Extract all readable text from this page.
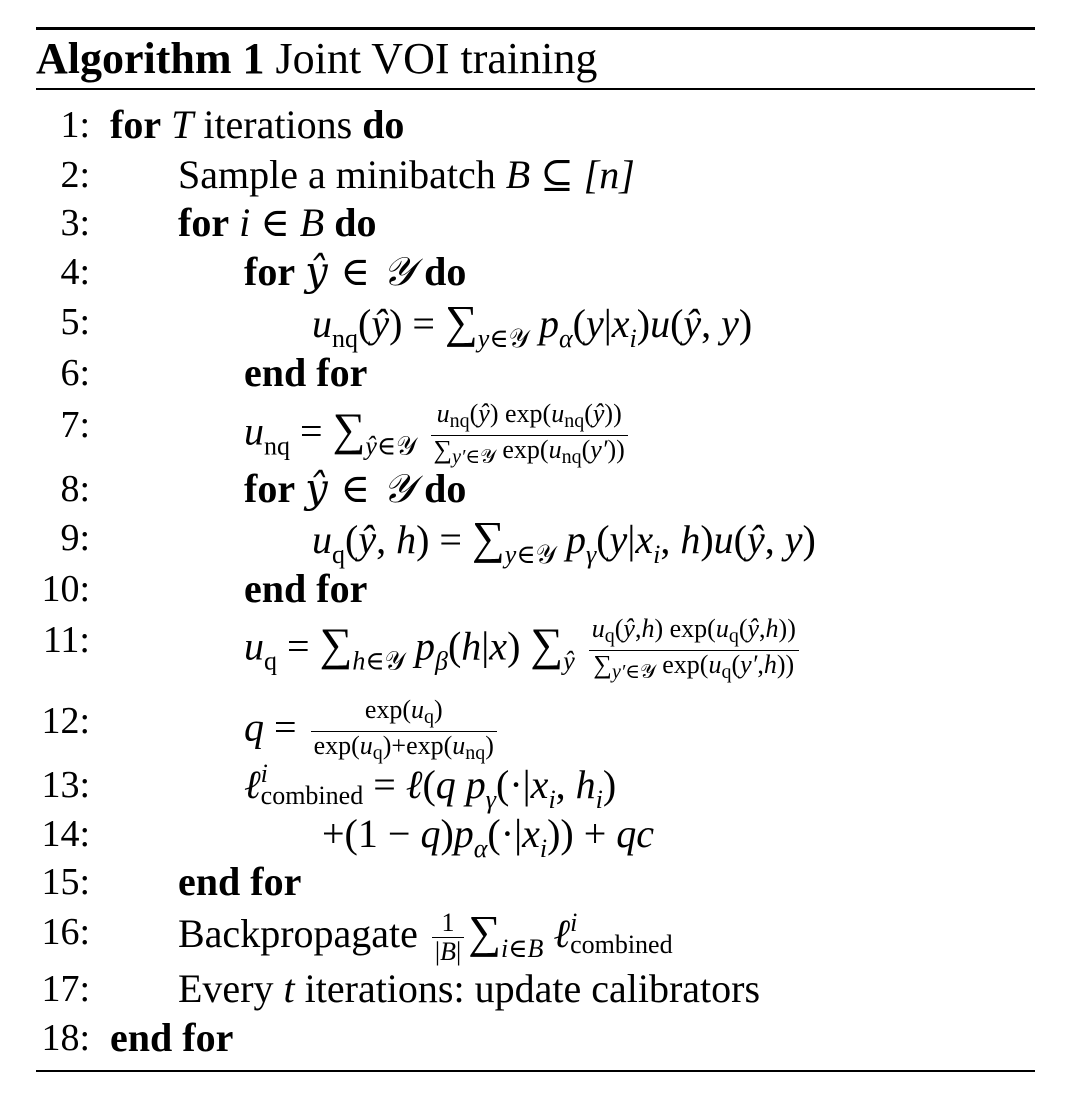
Algorithm 1 Joint VOI training
1: for T iterations do
2: Sample a minibatch B ⊆ [n]
3: for i ∈ B do
4:	for ŷ ∈ 𝒴 do
5:	$u_{nq}(ŷ) = \sum_{y\in 𝒴}$ $p_\alpha(y|x_i)u(ŷ$, y)
6:	end for
7:	$u_{nq} = \sum_{ŷ\in 𝒴} \frac{\text{unq(ŷ) exp(unq(ŷ))}}{\text{∑y′∈𝒴 exp(unq(y′))}}$
8:	for ŷ ∈ 𝒴 do
9:	$u_q(ŷ$, $h) = \sum_{y\in 𝒴}$ $p_\gamma(y|x_i$, h)u(ŷ, y)
10:	end for
11:	$u_q = \sum_{h\in 𝒴}$ $p_\beta(h|x)$ $\sum_ŷ \frac{uq(ŷ,h) \exp(uq(ŷ,h))}{\text{∑y′∈𝒴 exp(uq(y′,h))}}$
12:	$q = \frac{\exp(uq)}{\text{exp(uq)+exp(unq)}}$
13:	ℓ i
combined = ℓ(q $p_\gamma(\cdot|x_i$, $h_i$)
14:	$+(1 - q)p_\alpha(\cdot|x_i)$) + qc
15: end for
16: Backpropagate $\frac{1}{|B|} \sum_{i\in B}$ ℓ i
combined
17: Every t iterations: update calibrators
18: end for
